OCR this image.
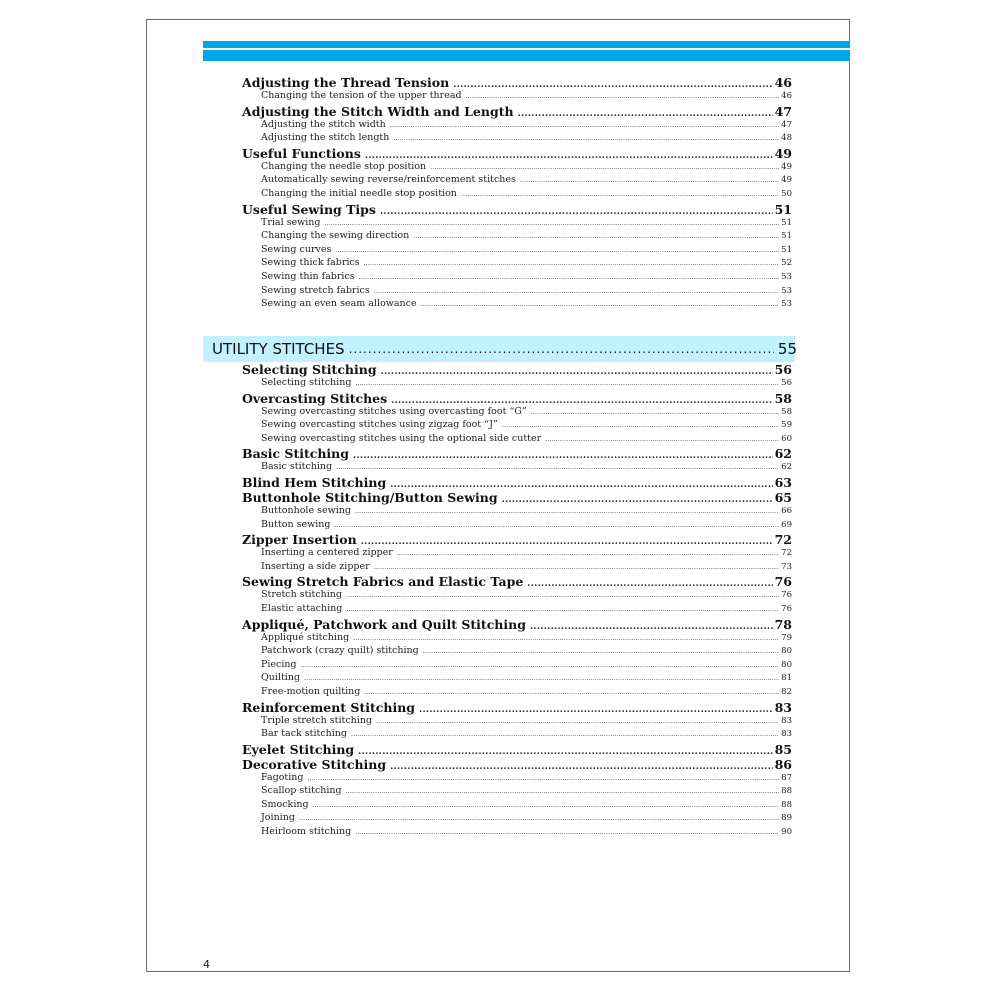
Adjusting the Thread Tension .....	46
Changing the tension of the upper thread .....	46
Adjusting the Stitch Width and Length .....	47
Adjusting the stitch width .....	47
Adjusting the stitch length .....	48
Useful Functions .....	49
Changing the needle stop position .....	49
Automatically sewing reverse/reinforcement stitches .....	49
Changing the initial needle stop position .....	50
Useful Sewing Tips .....	51
Trial sewing .....	51
Changing the sewing direction .....	51
Sewing curves .....	51
Sewing thick fabrics .....	52
Sewing thin fabrics .....	53
Sewing stretch fabrics .....	53
Sewing an even seam allowance .....	53
UTILITY STITCHES .....	55
Selecting Stitching .....	56
Selecting stitching .....	56
Overcasting Stitches .....	58
Sewing overcasting stitches using overcasting foot “G” .....	58
Sewing overcasting stitches using zigzag foot “J” .....	59
Sewing overcasting stitches using the optional side cutter .....	60
Basic Stitching .....	62
Basic stitching .....	62
Blind Hem Stitching .....	63
Buttonhole Stitching/Button Sewing .....	65
Buttonhole sewing .....	66
Button sewing .....	69
Zipper Insertion .....	72
Inserting a centered zipper .....	72
Inserting a side zipper .....	73
Sewing Stretch Fabrics and Elastic Tape .....	76
Stretch stitching .....	76
Elastic attaching .....	76
Appliqué, Patchwork and Quilt Stitching .....	78
Appliqué stitching .....	79
Patchwork (crazy quilt) stitching .....	80
Piecing .....	80
Quilting .....	81
Free-motion quilting .....	82
Reinforcement Stitching .....	83
Triple stretch stitching .....	83
Bar tack stitching .....	83
Eyelet Stitching .....	85
Decorative Stitching .....	86
Fagoting .....	87
Scallop stitching .....	88
Smocking .....	88
Joining .....	89
Heirloom stitching .....	90
4
